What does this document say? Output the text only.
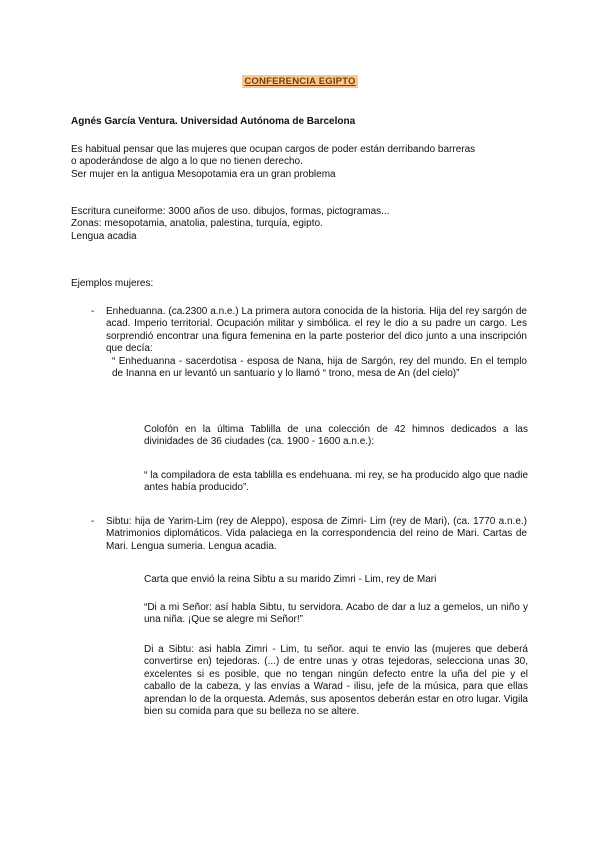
CONFERENCIA EGIPTO
Agnés García Ventura. Universidad Autónoma de Barcelona
Es habitual pensar que las mujeres que ocupan cargos de poder están derribando barreras
o apoderándose de algo a lo que no tienen derecho.
Ser mujer en la antigua Mesopotamia era un gran problema
Escritura cuneiforme: 3000 años de uso. dibujos, formas, pictogramas...
Zonas: mesopotamia, anatolia, palestina, turquía, egipto.
Lengua acadia
Ejemplos mujeres:
- Enheduanna. (ca.2300 a.n.e.) La primera autora conocida de la historia. Hija del rey sargón de acad. Imperio territorial. Ocupación militar y simbólica. el rey le dio a su padre un cargo. Les sorprendió encontrar una figura femenina en la parte posterior del dico junto a una inscripción que decía:
“ Enheduanna - sacerdotisa - esposa de Nana, hija de Sargón, rey del mundo. En el templo de Inanna en ur levantó un santuario y lo llamó “ trono, mesa de An (del cielo)”
Colofón en la última Tablilla de una colección de 42 himnos dedicados a las divinidades de 36 ciudades (ca. 1900 - 1600 a.n.e.):
“ la compiladora de esta tablilla es endehuana. mi rey, se ha producido algo que nadie antes había producido”.
- Sibtu: hija de Yarim-Lim (rey de Aleppo), esposa de Zimri- Lim (rey de Mari), (ca. 1770 a.n.e.) Matrimonios diplomáticos. Vida palaciega en la correspondencia del reino de Mari. Cartas de Mari. Lengua sumeria. Lengua acadia.
Carta que envió la reina Sibtu a su marido Zimri - Lim, rey de Mari
“Di a mi Señor: así habla Sibtu, tu servidora. Acabo de dar a luz a gemelos, un niño y una niña. ¡Que se alegre mi Señor!”
Di a Sibtu: asi habla Zimri - Lim, tu señor. aqui te envio las (mujeres que deberá convertirse en) tejedoras. (...) de entre unas y otras tejedoras, selecciona unas 30, excelentes si es posible, que no tengan ningún defecto entre la uña del pie y el caballo de la cabeza, y las envías a Warad - ilisu, jefe de la música, para que ellas aprendan lo de la orquesta. Además, sus aposentos deberán estar en otro lugar. Vigila bien su comida para que su belleza no se altere.
